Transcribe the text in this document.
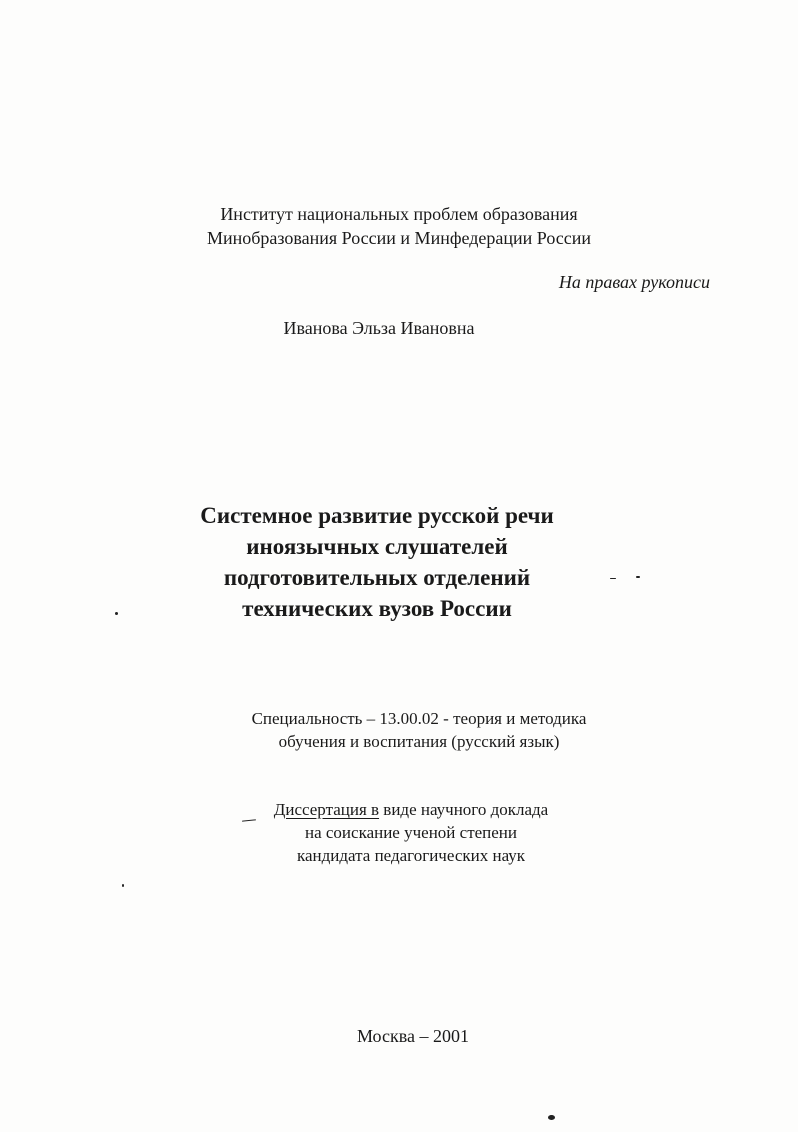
Институт национальных проблем образования
Минобразования России и Минфедерации России
На правах рукописи
Иванова Эльза Ивановна
Системное развитие русской речи
иноязычных слушателей
подготовительных отделений
технических вузов России
Специальность – 13.00.02 - теория и методика
обучения и воспитания (русский язык)
Диссертация в виде научного доклада
на соискание ученой степени
кандидата педагогических наук
Москва – 2001
